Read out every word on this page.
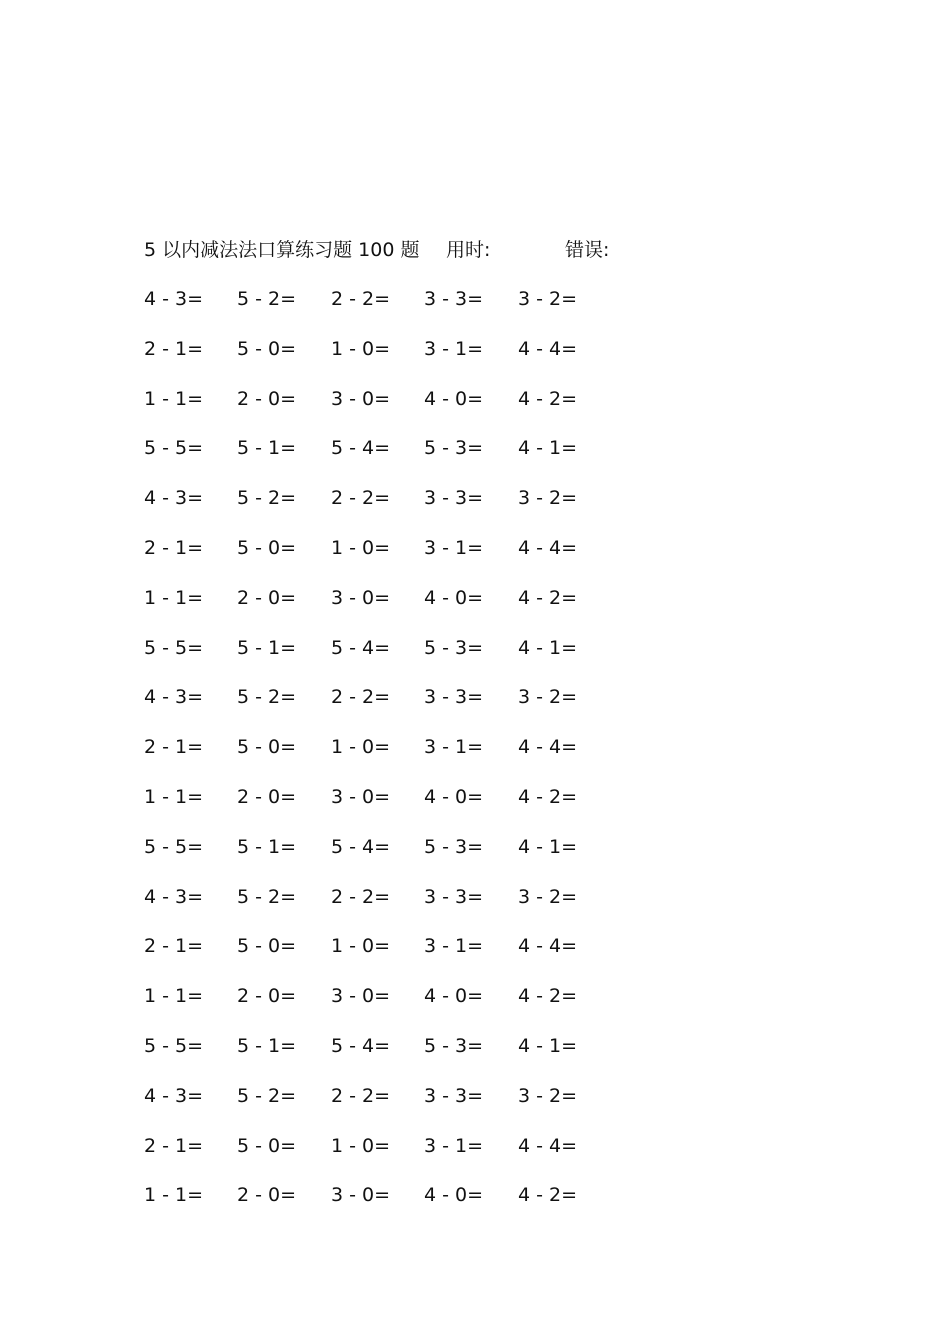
5 以内减法法口算练习题 100 题 用时:	错误:
4 - 3= 5 - 2= 2 - 2= 3 - 3= 3 - 2=
2 - 1= 5 - 0= 1 - 0= 3 - 1= 4 - 4=
1 - 1= 2 - 0= 3 - 0= 4 - 0= 4 - 2=
5 - 5= 5 - 1= 5 - 4= 5 - 3= 4 - 1=
4 - 3= 5 - 2= 2 - 2= 3 - 3= 3 - 2=
2 - 1= 5 - 0= 1 - 0= 3 - 1= 4 - 4=
1 - 1= 2 - 0= 3 - 0= 4 - 0= 4 - 2=
5 - 5= 5 - 1= 5 - 4= 5 - 3= 4 - 1=
4 - 3= 5 - 2= 2 - 2= 3 - 3= 3 - 2=
2 - 1= 5 - 0= 1 - 0= 3 - 1= 4 - 4=
1 - 1= 2 - 0= 3 - 0= 4 - 0= 4 - 2=
5 - 5= 5 - 1= 5 - 4= 5 - 3= 4 - 1=
4 - 3= 5 - 2= 2 - 2= 3 - 3= 3 - 2=
2 - 1= 5 - 0= 1 - 0= 3 - 1= 4 - 4=
1 - 1= 2 - 0= 3 - 0= 4 - 0= 4 - 2=
5 - 5= 5 - 1= 5 - 4= 5 - 3= 4 - 1=
4 - 3= 5 - 2= 2 - 2= 3 - 3= 3 - 2=
2 - 1= 5 - 0= 1 - 0= 3 - 1= 4 - 4=
1 - 1= 2 - 0= 3 - 0= 4 - 0= 4 - 2=
